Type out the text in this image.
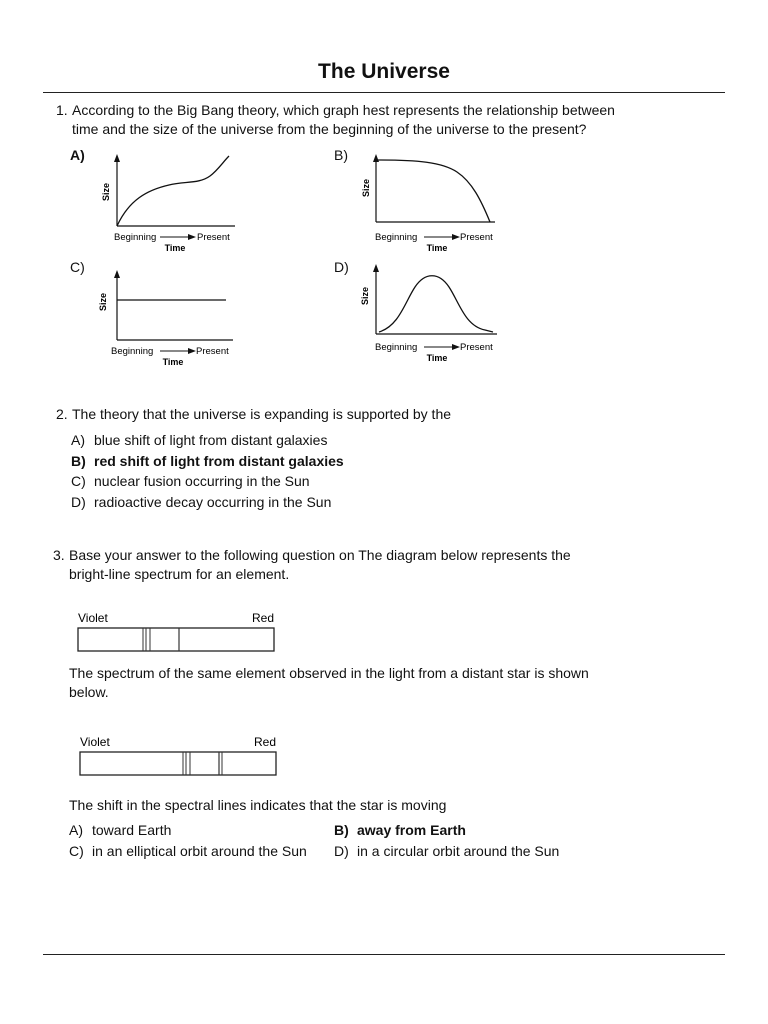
The Universe
1. According to the Big Bang theory, which graph hest represents the relationship between
time and the size of the universe from the beginning of the universe to the present?
A)	B)
C)	D)
Size
Beginning	Present
Time
Size
Beginning	Present
Time
Size
Beginning	Present
Time
Size
Beginning	Present
Time
2. The theory that the universe is expanding is supported by the
A) blue shift of light from distant galaxies
B) red shift of light from distant galaxies
C) nuclear fusion occurring in the Sun
D) radioactive decay occurring in the Sun
3. Base your answer to the following question on The diagram below represents the
bright-line spectrum for an element.
Violet	Red
The spectrum of the same element observed in the light from a distant star is shown
below.
Violet	Red
The shift in the spectral lines indicates that the star is moving
A) toward Earth	B) away from Earth
C) in an elliptical orbit around the Sun D) in a circular orbit around the Sun
